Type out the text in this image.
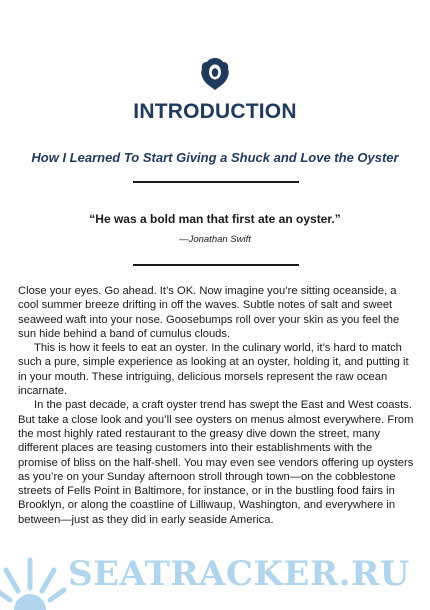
INTRODUCTION
How I Learned To Start Giving a Shuck and Love the Oyster
“He was a bold man that first ate an oyster.”
—Jonathan Swift

Close your eyes. Go ahead. It’s OK. Now imagine you’re sitting oceanside, a cool summer breeze drifting in off the waves. Subtle notes of salt and sweet seaweed waft into your nose. Goosebumps roll over your skin as you feel the sun hide behind a band of cumulus clouds.

This is how it feels to eat an oyster. In the culinary world, it’s hard to match such a pure, simple experience as looking at an oyster, holding it, and putting it in your mouth. These intriguing, delicious morsels represent the raw ocean incarnate.

In the past decade, a craft oyster trend has swept the East and West coasts. But take a close look and you’ll see oysters on menus almost everywhere. From the most highly rated restaurant to the greasy dive down the street, many different places are teasing customers into their establishments with the promise of bliss on the half-shell. You may even see vendors offering up oysters as you’re on your Sunday afternoon stroll through town—on the cobblestone streets of Fells Point in Baltimore, for instance, or in the bustling food fairs in Brooklyn, or along the coastline of Lilliwaup, Washington, and everywhere in between—just as they did in early seaside America.

SEATRACKER.RU
